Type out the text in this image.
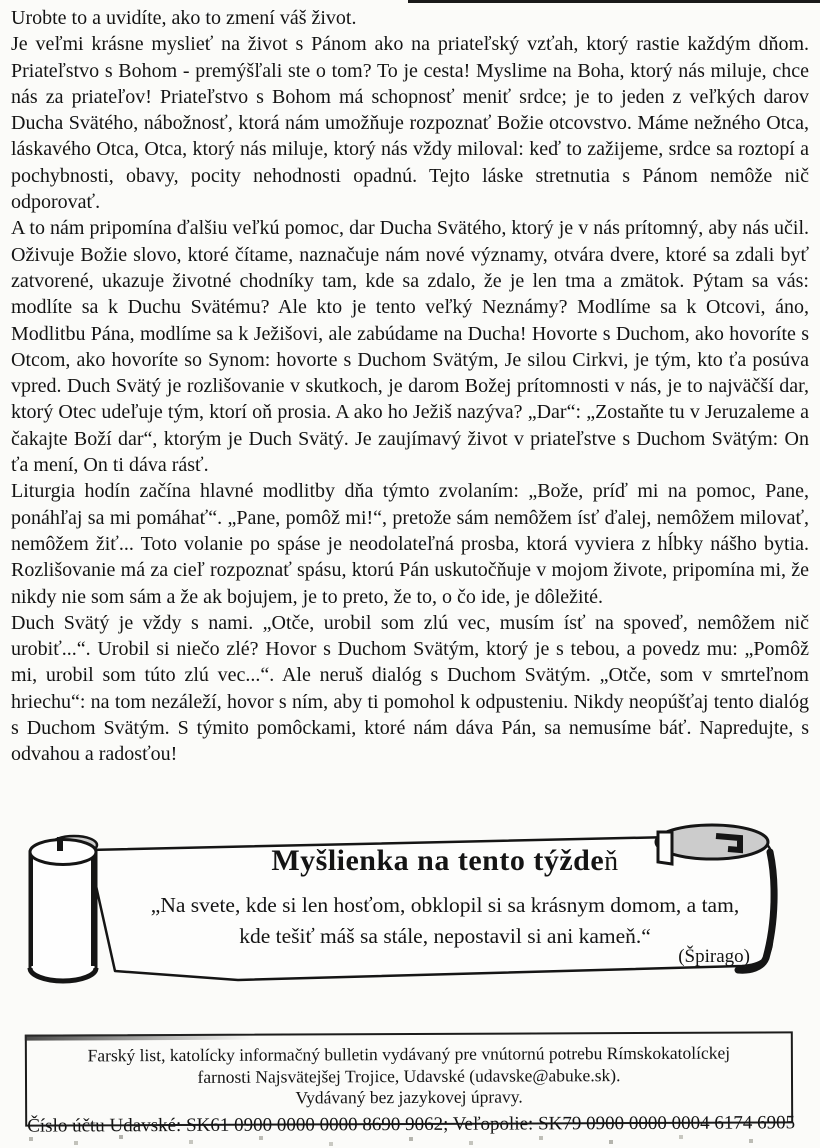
Urobte to a uvidíte, ako to zmení váš život.

Je veľmi krásne myslieť na život s Pánom ako na priateľský vzťah, ktorý rastie každým dňom. Priateľstvo s Bohom - premýšľali ste o tom? To je cesta! Myslime na Boha, ktorý nás miluje, chce nás za priateľov! Priateľstvo s Bohom má schopnosť meniť srdce; je to jeden z veľkých darov Ducha Svätého, nábožnosť, ktorá nám umožňuje rozpoznať Božie otcovstvo. Máme nežného Otca, láskavého Otca, Otca, ktorý nás miluje, ktorý nás vždy miloval: keď to zažijeme, srdce sa roztopí a pochybnosti, obavy, pocity nehodnosti opadnú. Tejto láske stretnutia s Pánom nemôže nič odporovať.

A to nám pripomína ďalšiu veľkú pomoc, dar Ducha Svätého, ktorý je v nás prítomný, aby nás učil. Oživuje Božie slovo, ktoré čítame, naznačuje nám nové významy, otvára dvere, ktoré sa zdali byť zatvorené, ukazuje životné chodníky tam, kde sa zdalo, že je len tma a zmätok. Pýtam sa vás: modlíte sa k Duchu Svätému? Ale kto je tento veľký Neznámy? Modlíme sa k Otcovi, áno, Modlitbu Pána, modlíme sa k Ježišovi, ale zabúdame na Ducha! Hovorte s Duchom, ako hovoríte s Otcom, ako hovoríte so Synom: hovorte s Duchom Svätým, Je silou Cirkvi, je tým, kto ťa posúva vpred. Duch Svätý je rozlišovanie v skutkoch, je darom Božej prítomnosti v nás, je to najväčší dar, ktorý Otec udeľuje tým, ktorí oň prosia. A ako ho Ježiš nazýva? „Dar“: „Zostaňte tu v Jeruzaleme a čakajte Boží dar“, ktorým je Duch Svätý. Je zaujímavý život v priateľstve s Duchom Svätým: On ťa mení, On ti dáva rásť.

Liturgia hodín začína hlavné modlitby dňa týmto zvolaním: „Bože, príď mi na pomoc, Pane, ponáhľaj sa mi pomáhať“. „Pane, pomôž mi!“, pretože sám nemôžem ísť ďalej, nemôžem milovať, nemôžem žiť... Toto volanie po spáse je neodolateľná prosba, ktorá vyviera z hĺbky nášho bytia. Rozlišovanie má za cieľ rozpoznať spásu, ktorú Pán uskutočňuje v mojom živote, pripomína mi, že nikdy nie som sám a že ak bojujem, je to preto, že to, o čo ide, je dôležité.

Duch Svätý je vždy s nami. „Otče, urobil som zlú vec, musím ísť na spoveď, nemôžem nič urobiť...“. Urobil si niečo zlé? Hovor s Duchom Svätým, ktorý je s tebou, a povedz mu: „Pomôž mi, urobil som túto zlú vec...“. Ale neruš dialóg s Duchom Svätým. „Otče, som v smrteľnom hriechu“: na tom nezáleží, hovor s ním, aby ti pomohol k odpusteniu. Nikdy neopúšťaj tento dialóg s Duchom Svätým. S týmito pomôckami, ktoré nám dáva Pán, sa nemusíme báť. Napredujte, s odvahou a radosťou!

Myšlienka na tento týždeň
„Na svete, kde si len hosťom, obklopil si sa krásnym domom, a tam,
kde tešiť máš sa stále, nepostavil si ani kameň.“
(Špirago)
Farský list, katolícky informačný bulletin vydávaný pre vnútornú potrebu Rímskokatolíckej
farnosti Najsvätejšej Trojice, Udavské (udavske@abuke.sk).
Vydávaný bez jazykovej úpravy.
Číslo účtu Udavské: SK61 0900 0000 0000 8690 9062; Veľopolie: SK79 0900 0000 0004 6174 6905
